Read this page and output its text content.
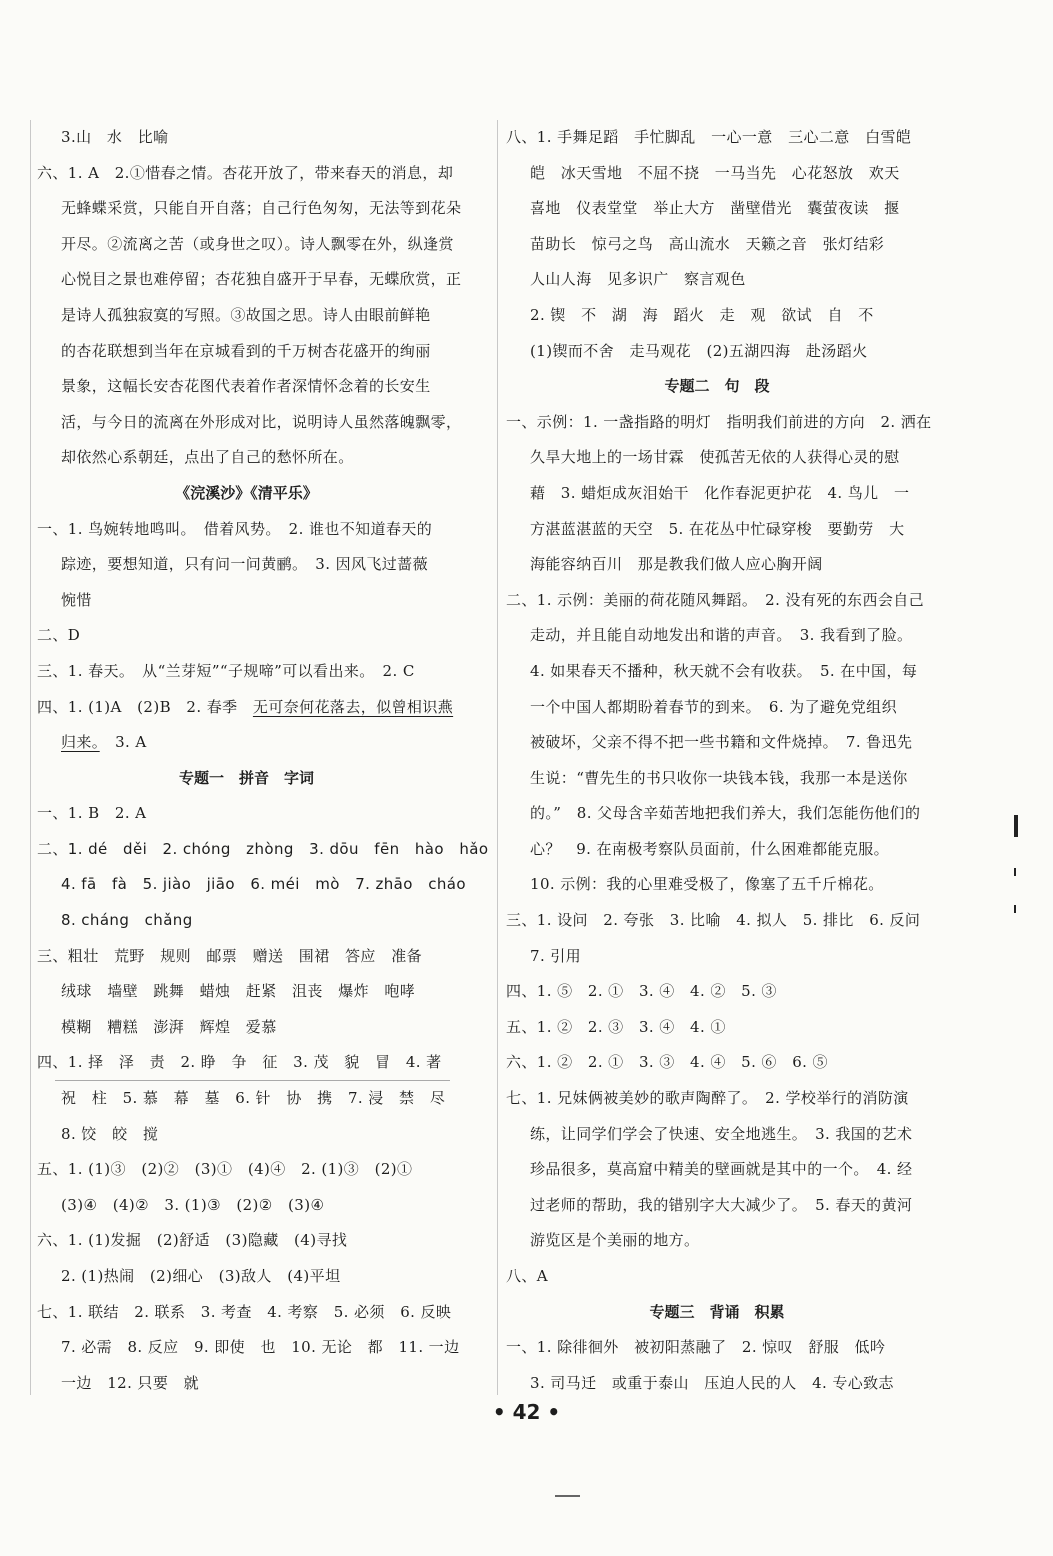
3.山　水　比喻
六、1. A　2.①惜春之情。杏花开放了，带来春天的消息，却
无蜂蝶采赏，只能自开自落；自己行色匆匆，无法等到花朵
开尽。②流离之苦（或身世之叹）。诗人飘零在外，纵逢赏
心悦目之景也难停留；杏花独自盛开于早春，无蝶欣赏，正
是诗人孤独寂寞的写照。③故国之思。诗人由眼前鲜艳
的杏花联想到当年在京城看到的千万树杏花盛开的绚丽
景象，这幅长安杏花图代表着作者深情怀念着的长安生
活，与今日的流离在外形成对比，说明诗人虽然落魄飘零，
却依然心系朝廷，点出了自己的愁怀所在。
《浣溪沙》《清平乐》
一、1. 鸟婉转地鸣叫。　借着风势。　2. 谁也不知道春天的
踪迹，要想知道，只有问一问黄鹂。　3. 因风飞过蔷薇
惋惜
二、D
三、1. 春天。　从“兰芽短”“子规啼”可以看出来。　2. C
四、1. (1)A　(2)B　2. 春季　无可奈何花落去，似曾相识燕
归来。　3. A
专题一　拼音　字词
一、1. B　2. A
二、1. dé　děi　2. chóng　zhòng　3. dōu　fēn　hào　hǎo
4. fā　fà　5. jiào　jiāo　6. méi　mò　7. zhāo　cháo
8. cháng　chǎng
三、粗壮　荒野　规则　邮票　赠送　围裙　答应　准备
绒球　墙壁　跳舞　蜡烛　赶紧　沮丧　爆炸　咆哮
模糊　糟糕　澎湃　辉煌　爱慕
四、1. 择　泽　责　2. 睁　争　征　3. 茂　貌　冒　4. 著
祝　柱　5. 慕　幕　墓　6. 针　协　携　7. 浸　禁　尽
8. 饺　皎　搅
五、1. (1)③　(2)②　(3)①　(4)④　2. (1)③　(2)①
(3)④　(4)②　3. (1)③　(2)②　(3)④
六、1. (1)发掘　(2)舒适　(3)隐藏　(4)寻找
2. (1)热闹　(2)细心　(3)敌人　(4)平坦
七、1. 联结　2. 联系　3. 考查　4. 考察　5. 必须　6. 反映
7. 必需　8. 反应　9. 即使　也　10. 无论　都　11. 一边
一边　12. 只要　就
八、1. 手舞足蹈　手忙脚乱　一心一意　三心二意　白雪皑
皑　冰天雪地　不屈不挠　一马当先　心花怒放　欢天
喜地　仪表堂堂　举止大方　凿壁借光　囊萤夜读　揠
苗助长　惊弓之鸟　高山流水　天籁之音　张灯结彩
人山人海　见多识广　察言观色
2. 锲　不　湖　海　蹈火　走　观　欲试　自　不
(1)锲而不舍　走马观花　(2)五湖四海　赴汤蹈火
专题二　句　段
一、示例：1. 一盏指路的明灯　指明我们前进的方向　2. 洒在
久旱大地上的一场甘霖　使孤苦无依的人获得心灵的慰
藉　3. 蜡炬成灰泪始干　化作春泥更护花　4. 鸟儿　一
方湛蓝湛蓝的天空　5. 在花丛中忙碌穿梭　要勤劳　大
海能容纳百川　那是教我们做人应心胸开阔
二、1. 示例：美丽的荷花随风舞蹈。　2. 没有死的东西会自己
走动，并且能自动地发出和谐的声音。　3. 我看到了脸。
4. 如果春天不播种，秋天就不会有收获。　5. 在中国，每
一个中国人都期盼着春节的到来。　6. 为了避免党组织
被破坏，父亲不得不把一些书籍和文件烧掉。　7. 鲁迅先
生说：“曹先生的书只收你一块钱本钱，我那一本是送你
的。”　8. 父母含辛茹苦地把我们养大，我们怎能伤他们的
心？　9. 在南极考察队员面前，什么困难都能克服。
10. 示例：我的心里难受极了，像塞了五千斤棉花。
三、1. 设问　2. 夸张　3. 比喻　4. 拟人　5. 排比　6. 反问
7. 引用
四、1. ⑤　2. ①　3. ④　4. ②　5. ③
五、1. ②　2. ③　3. ④　4. ①
六、1. ②　2. ①　3. ③　4. ④　5. ⑥　6. ⑤
七、1. 兄妹俩被美妙的歌声陶醉了。　2. 学校举行的消防演
练，让同学们学会了快速、安全地逃生。　3. 我国的艺术
珍品很多，莫高窟中精美的壁画就是其中的一个。　4. 经
过老师的帮助，我的错别字大大减少了。　5. 春天的黄河
游览区是个美丽的地方。
八、A
专题三　背诵　积累
一、1. 除徘徊外　被初阳蒸融了　2. 惊叹　舒服　低吟
3. 司马迁　或重于泰山　压迫人民的人　4. 专心致志
• 42 •
